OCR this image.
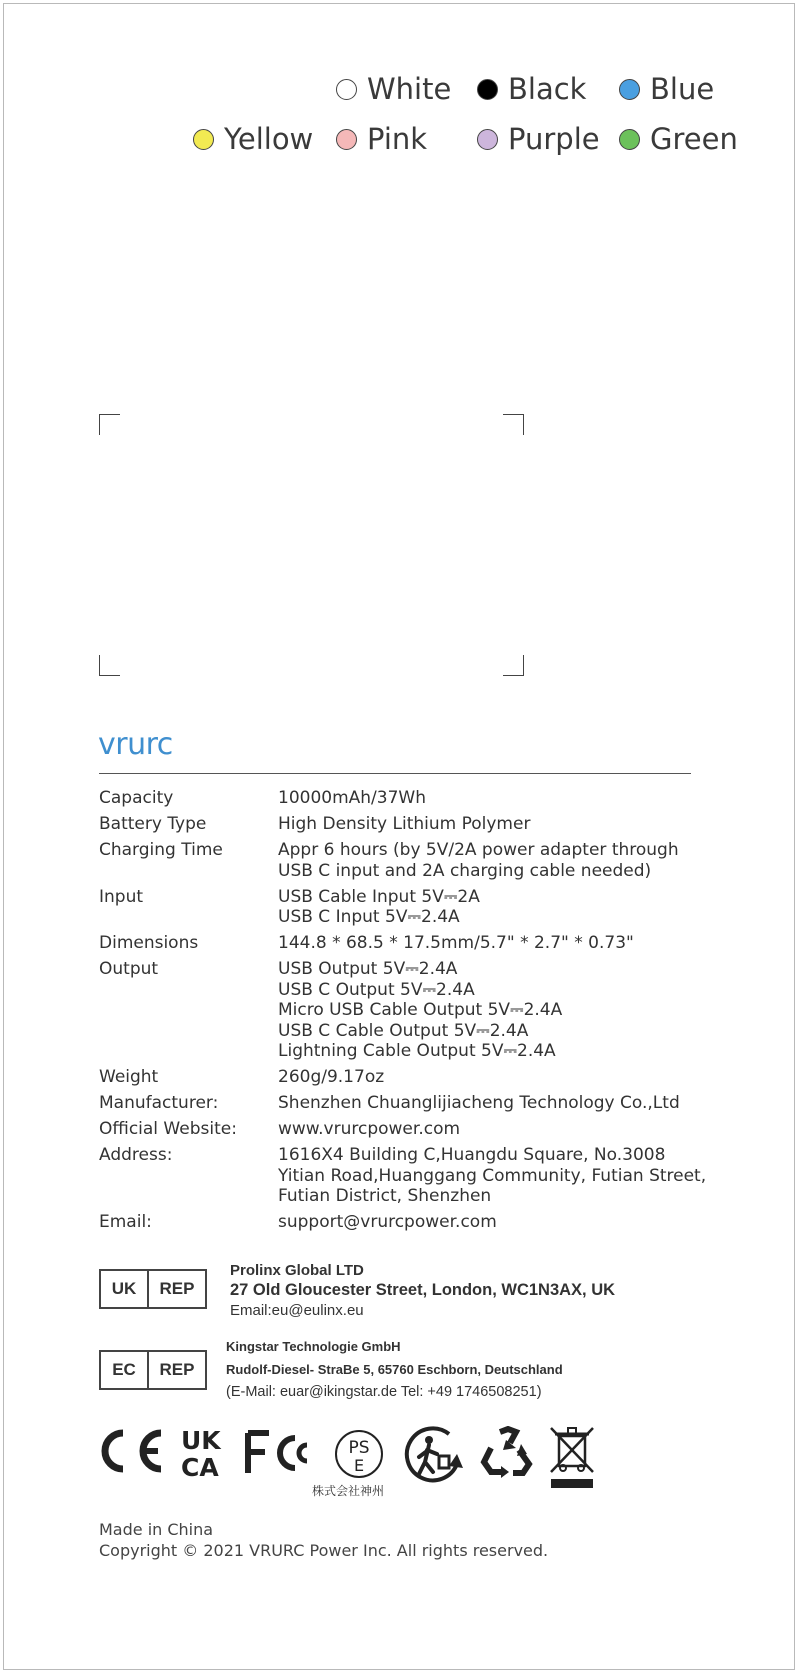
White Black Blue
Yellow Pink	Purple Green
vrurc
Capacity	10000mAh/37Wh
Battery Type	High Density Lithium Polymer
Charging Time	Appr 6 hours (by 5V/2A power adapter through
USB C input and 2A charging cable needed)
Input	USB Cable Input 5V⎓2A
USB C Input 5V⎓2.4A
Dimensions	144.8 * 68.5 * 17.5mm/5.7" * 2.7" * 0.73"
Output	USB Output 5V⎓2.4A
USB C Output 5V⎓2.4A
Micro USB Cable Output 5V⎓2.4A
USB C Cable Output 5V⎓2.4A
Lightning Cable Output 5V⎓2.4A
Weight	260g/9.17oz
Manufacturer:	Shenzhen Chuanglijiacheng Technology Co.,Ltd
Official Website:	www.vrurcpower.com
Address:	1616X4 Building C,Huangdu Square, No.3008
Yitian Road,Huanggang Community, Futian Street,
Futian District, Shenzhen
Email:	support@vrurcpower.com
UK	REP
Prolinx Global LTD
27 Old Gloucester Street, London, WC1N3AX, UK
Email:eu@eulinx.eu
EC	REP
Kingstar Technologie GmbH
Rudolf-Diesel- StraBe 5, 65760 Eschborn, Deutschland
(E-Mail: euar@ikingstar.de Tel: +49 1746508251)
UK
CA
PS
E
株式会社神州
Made in China
Copyright © 2021 VRURC Power Inc. All rights reserved.
